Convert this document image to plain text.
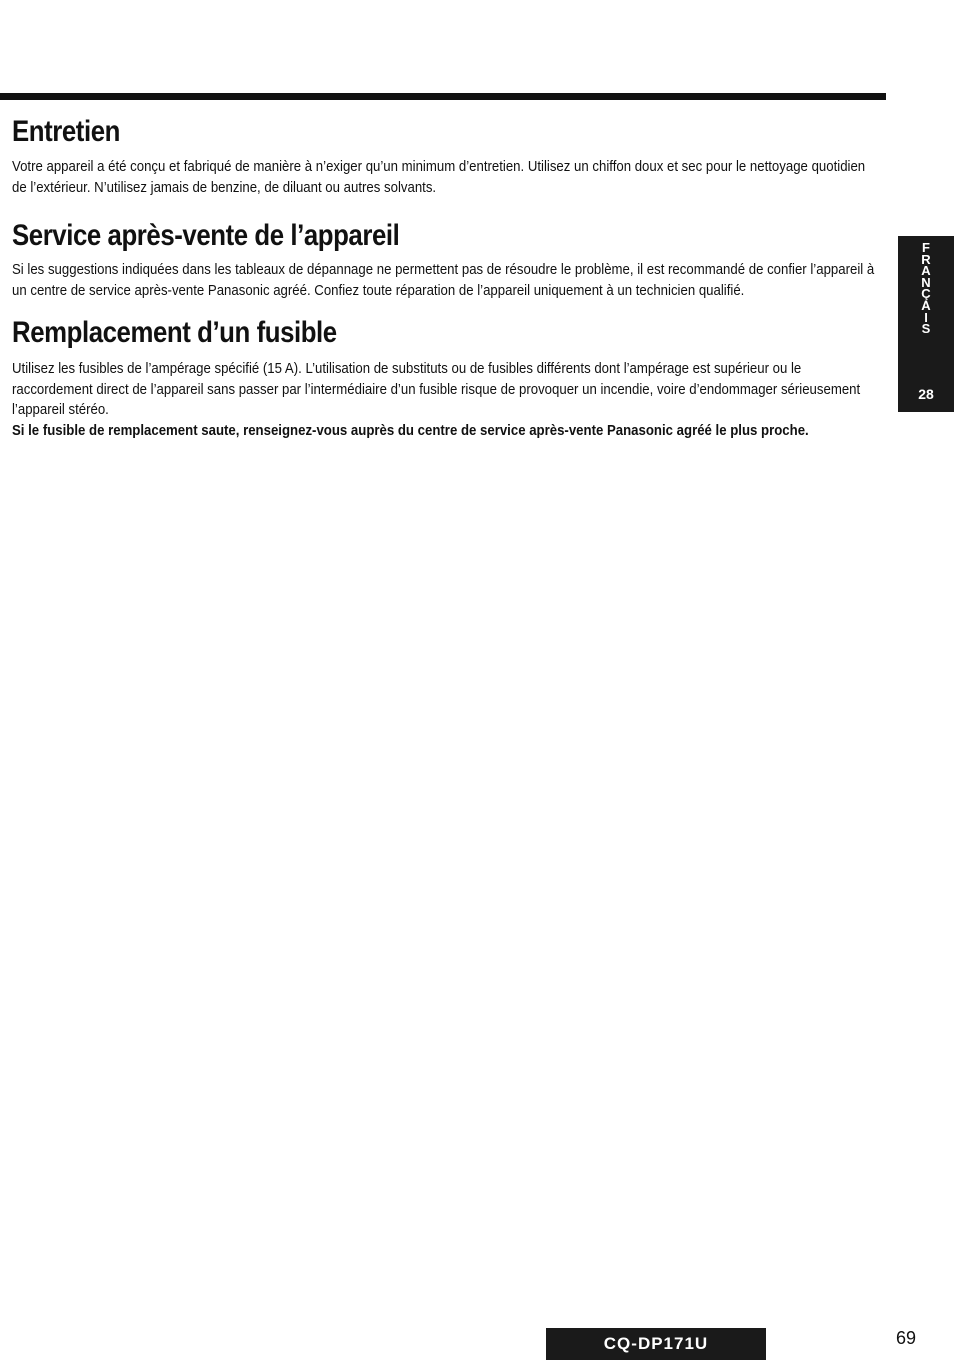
Entretien

Votre appareil a été conçu et fabriqué de manière à n’exiger qu’un minimum d’entretien. Utilisez un chiffon doux et sec pour le nettoyage quotidien de l’extérieur. N’utilisez jamais de benzine, de diluant ou autres solvants.

Service après-vente de l’appareil

Si les suggestions indiquées dans les tableaux de dépannage ne permettent pas de résoudre le problème, il est recommandé de confier l’appareil à un centre de service après-vente Panasonic agréé. Confiez toute réparation de l’appareil uniquement à un technicien qualifié.

Remplacement d’un fusible

Utilisez les fusibles de l’ampérage spécifié (15 A). L’utilisation de substituts ou de fusibles différents dont l’ampérage est supérieur ou le raccordement direct de l’appareil sans passer par l’intermédiaire d’un fusible risque de provoquer un incendie, voire d’endommager sérieusement l’appareil stéréo.

Si le fusible de remplacement saute, renseignez-vous auprès du centre de service après-vente Panasonic agréé le plus proche.

F
R
A
N
Ç
A
I
S
28
CQ-DP171U	69
